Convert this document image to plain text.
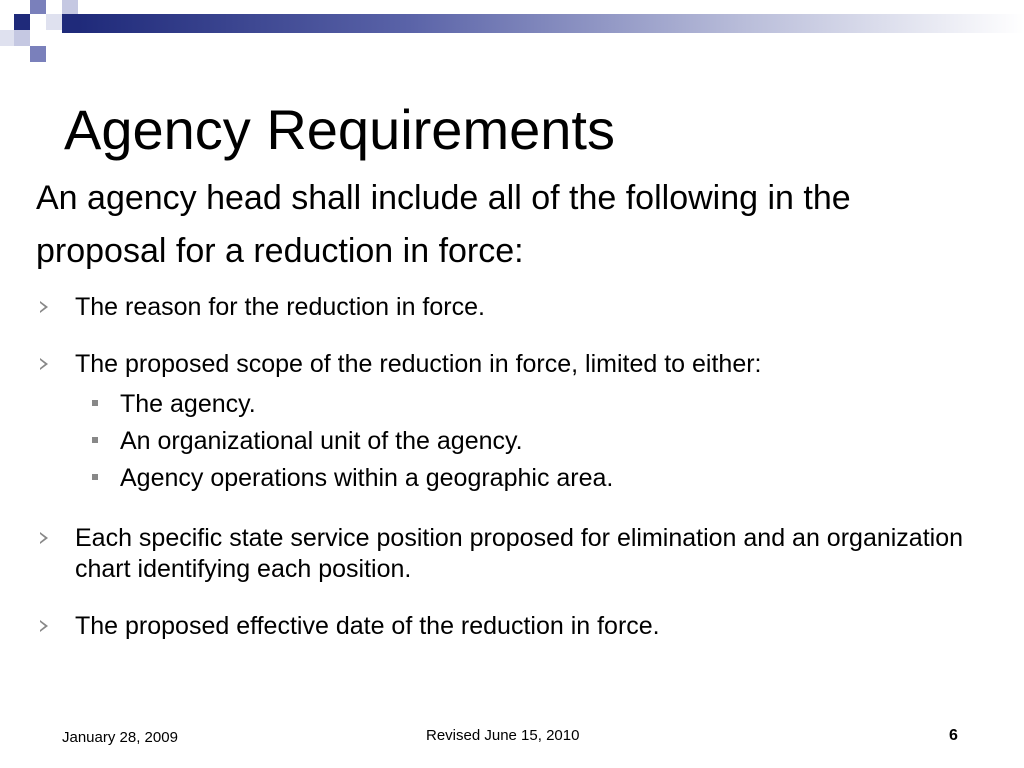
Agency Requirements

An agency head shall include all of the following in the proposal for a reduction in force:

The reason for the reduction in force.
The proposed scope of the reduction in force, limited to either:
The agency.
An organizational unit of the agency.
Agency operations within a geographic area.
Each specific state service position proposed for elimination and an organization chart identifying each position.
The proposed effective date of the reduction in force.
January 28, 2009	Revised June 15, 2010	6
